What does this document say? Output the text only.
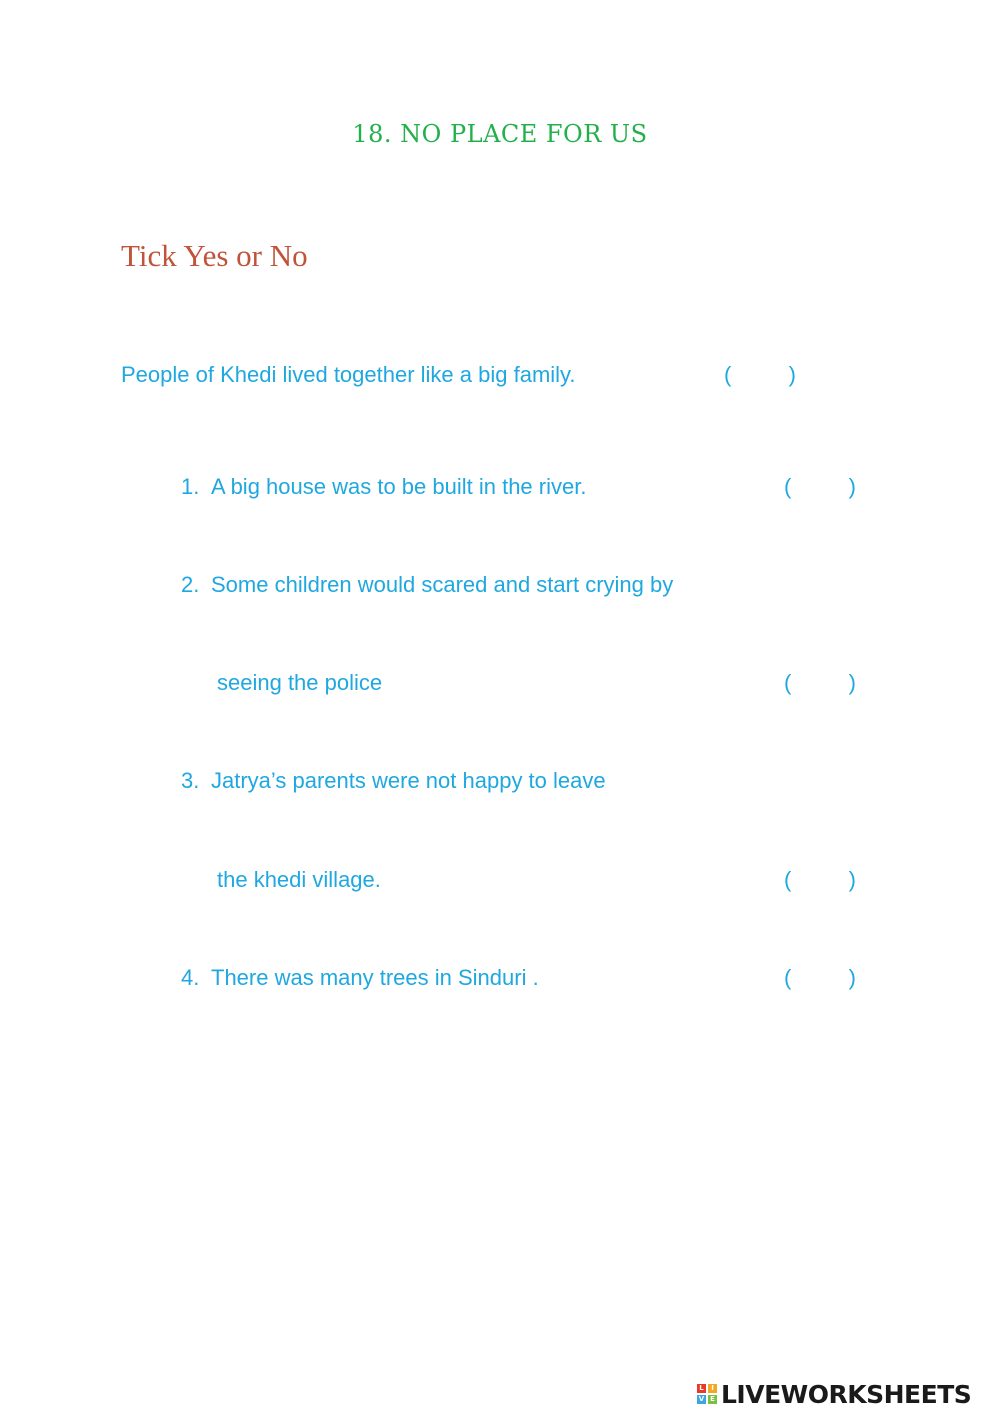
18. NO PLACE FOR US
Tick Yes or No
People of Khedi lived together like a big family.	(	)
1. A big house was to be built in the river.	(	)
2. Some children would scared and start crying by
seeing the police	(	)
3. Jatrya’s parents were not happy to leave
the khedi village.	(	)
4. There was many trees in Sinduri .	(	)
L	I
V E LIVEWORKSHEETS
